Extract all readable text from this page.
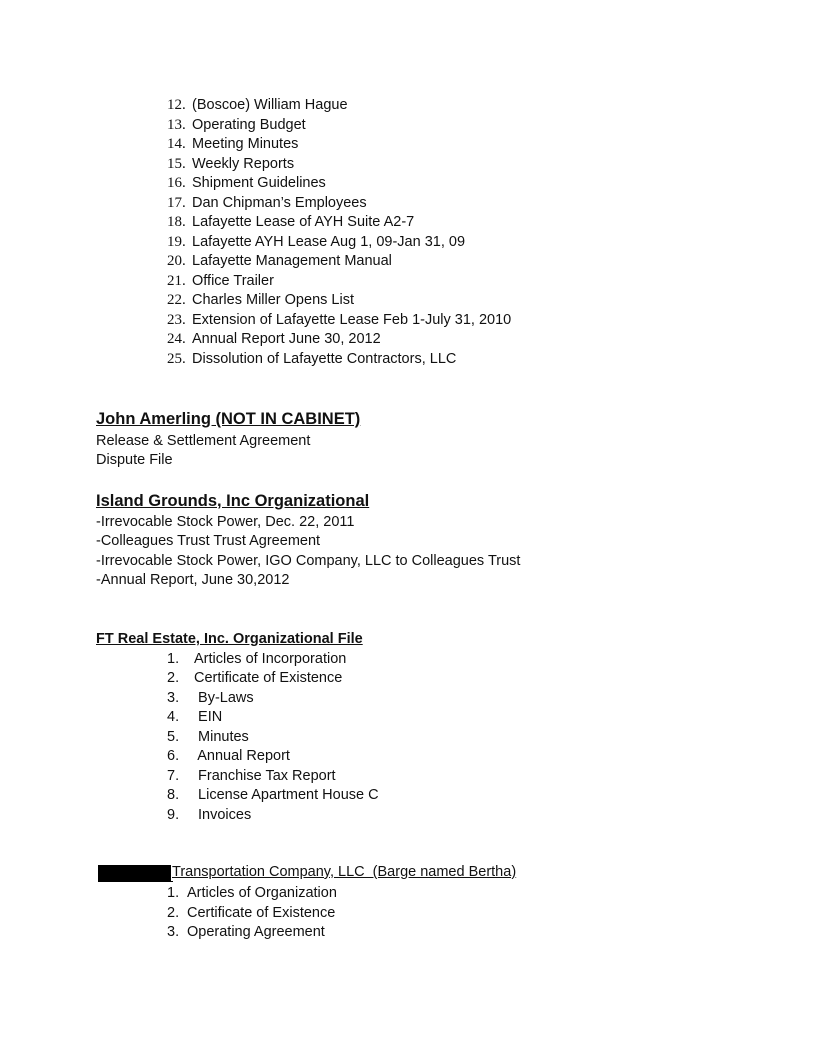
12. (Boscoe) William Hague
13. Operating Budget
14. Meeting Minutes
15. Weekly Reports
16. Shipment Guidelines
17. Dan Chipman’s Employees
18. Lafayette Lease of AYH Suite A2-7
19. Lafayette AYH Lease Aug 1, 09-Jan 31, 09
20. Lafayette Management Manual
21. Office Trailer
22. Charles Miller Opens List
23. Extension of Lafayette Lease Feb 1-July 31, 2010
24. Annual Report June 30, 2012
25. Dissolution of Lafayette Contractors, LLC
John Amerling (NOT IN CABINET)
Release & Settlement Agreement
Dispute File
Island Grounds, Inc Organizational
-Irrevocable Stock Power, Dec. 22, 2011
-Colleagues Trust Trust Agreement
-Irrevocable Stock Power, IGO Company, LLC to Colleagues Trust
-Annual Report, June 30,2012
FT Real Estate, Inc. Organizational File
1. Articles of Incorporation
2. Certificate of Existence
3. By-Laws
4. EIN
5. Minutes
6. Annual Report
7. Franchise Tax Report
8. License Apartment House C
9. Invoices
Transportation Company, LLC  (Barge named Bertha)
1. Articles of Organization
2. Certificate of Existence
3. Operating Agreement
